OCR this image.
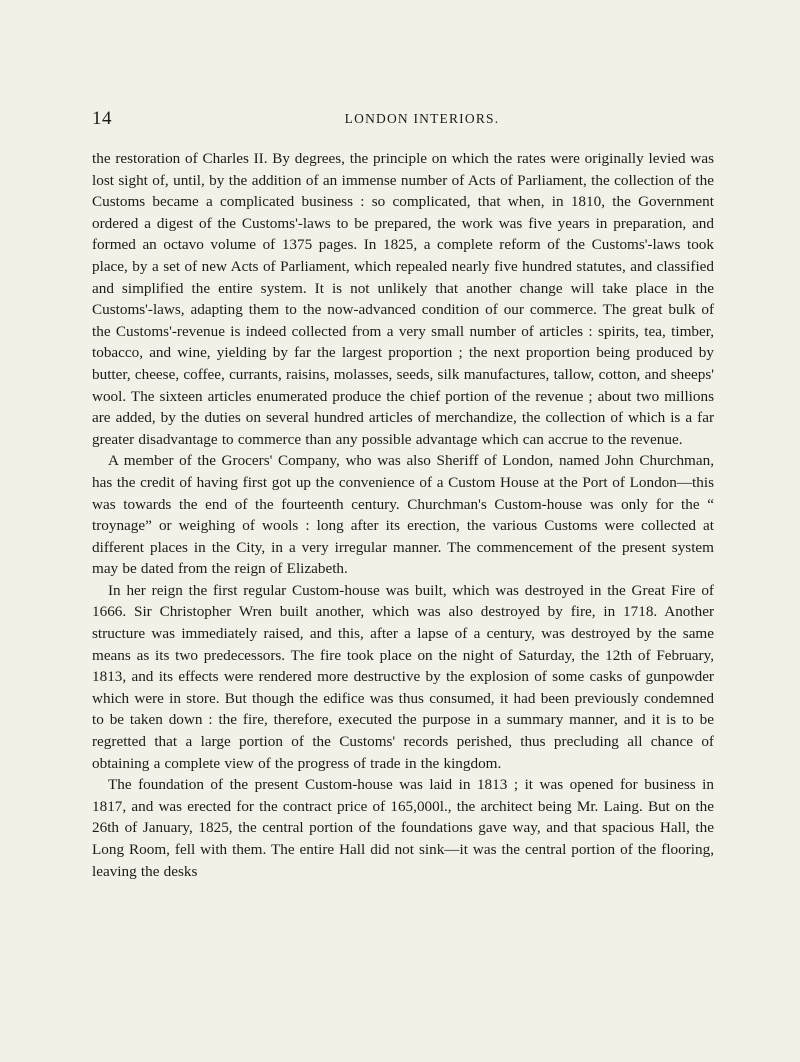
14	LONDON INTERIORS.

the restoration of Charles II. By degrees, the principle on which the rates were originally levied was lost sight of, until, by the addition of an immense number of Acts of Parliament, the collection of the Customs became a complicated business : so complicated, that when, in 1810, the Government ordered a digest of the Customs'-laws to be prepared, the work was five years in preparation, and formed an octavo volume of 1375 pages. In 1825, a complete reform of the Customs'-laws took place, by a set of new Acts of Parliament, which repealed nearly five hundred statutes, and classified and simplified the entire system. It is not unlikely that another change will take place in the Customs'-laws, adapting them to the now-advanced condition of our commerce. The great bulk of the Customs'-revenue is indeed collected from a very small number of articles : spirits, tea, timber, tobacco, and wine, yielding by far the largest proportion ; the next proportion being produced by butter, cheese, coffee, currants, raisins, molasses, seeds, silk manufactures, tallow, cotton, and sheeps' wool. The sixteen articles enumerated produce the chief portion of the revenue ; about two millions are added, by the duties on several hundred articles of merchandize, the collection of which is a far greater disadvantage to commerce than any possible advantage which can accrue to the revenue.

A member of the Grocers' Company, who was also Sheriff of London, named John Churchman, has the credit of having first got up the convenience of a Custom House at the Port of London—this was towards the end of the fourteenth century. Churchman's Custom-house was only for the “ troynage” or weighing of wools : long after its erection, the various Customs were collected at different places in the City, in a very irregular manner. The commencement of the present system may be dated from the reign of Elizabeth.

In her reign the first regular Custom-house was built, which was destroyed in the Great Fire of 1666. Sir Christopher Wren built another, which was also destroyed by fire, in 1718. Another structure was immediately raised, and this, after a lapse of a century, was destroyed by the same means as its two predecessors. The fire took place on the night of Saturday, the 12th of February, 1813, and its effects were rendered more destructive by the explosion of some casks of gunpowder which were in store. But though the edifice was thus consumed, it had been previously condemned to be taken down : the fire, therefore, executed the purpose in a summary manner, and it is to be regretted that a large portion of the Customs' records perished, thus precluding all chance of obtaining a complete view of the progress of trade in the kingdom.

The foundation of the present Custom-house was laid in 1813 ; it was opened for business in 1817, and was erected for the contract price of 165,000l., the architect being Mr. Laing. But on the 26th of January, 1825, the central portion of the foundations gave way, and that spacious Hall, the Long Room, fell with them. The entire Hall did not sink—it was the central portion of the flooring, leaving the desks
